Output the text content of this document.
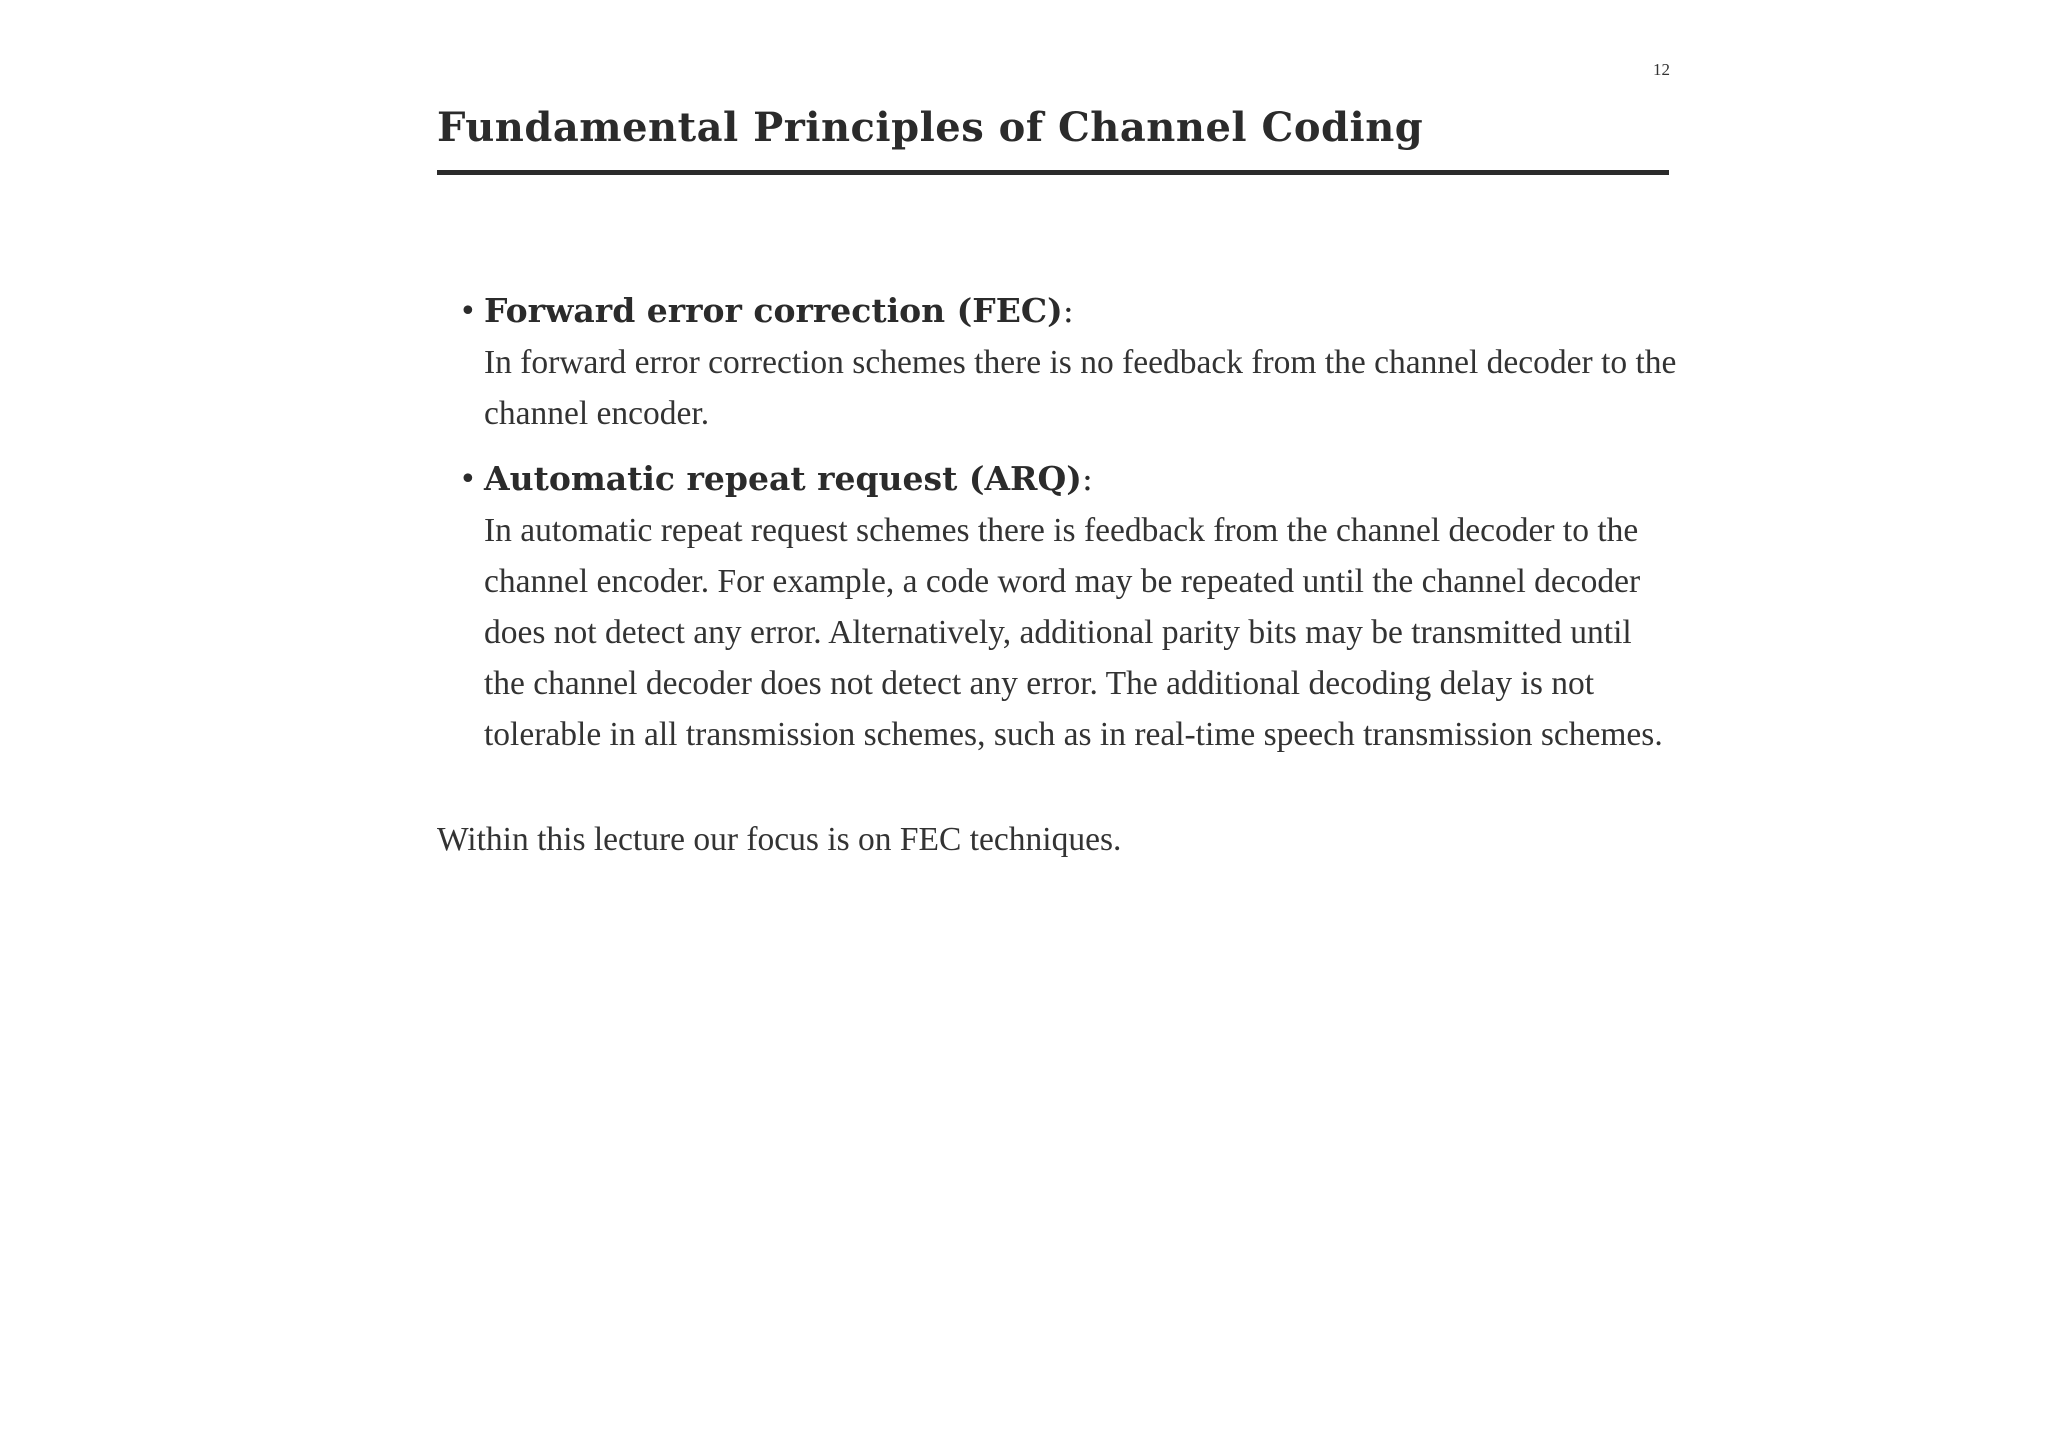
12
Fundamental Principles of Channel Coding
• Forward error correction (FEC):
In forward error correction schemes there is no feedback from the channel decoder to the channel encoder.
• Automatic repeat request (ARQ):
In automatic repeat request schemes there is feedback from the channel decoder to the channel encoder. For example, a code word may be repeated until the channel decoder does not detect any error. Alternatively, additional parity bits may be transmitted until the channel decoder does not detect any error. The additional decoding delay is not tolerable in all transmission schemes, such as in real-time speech transmission schemes.

Within this lecture our focus is on FEC techniques.
